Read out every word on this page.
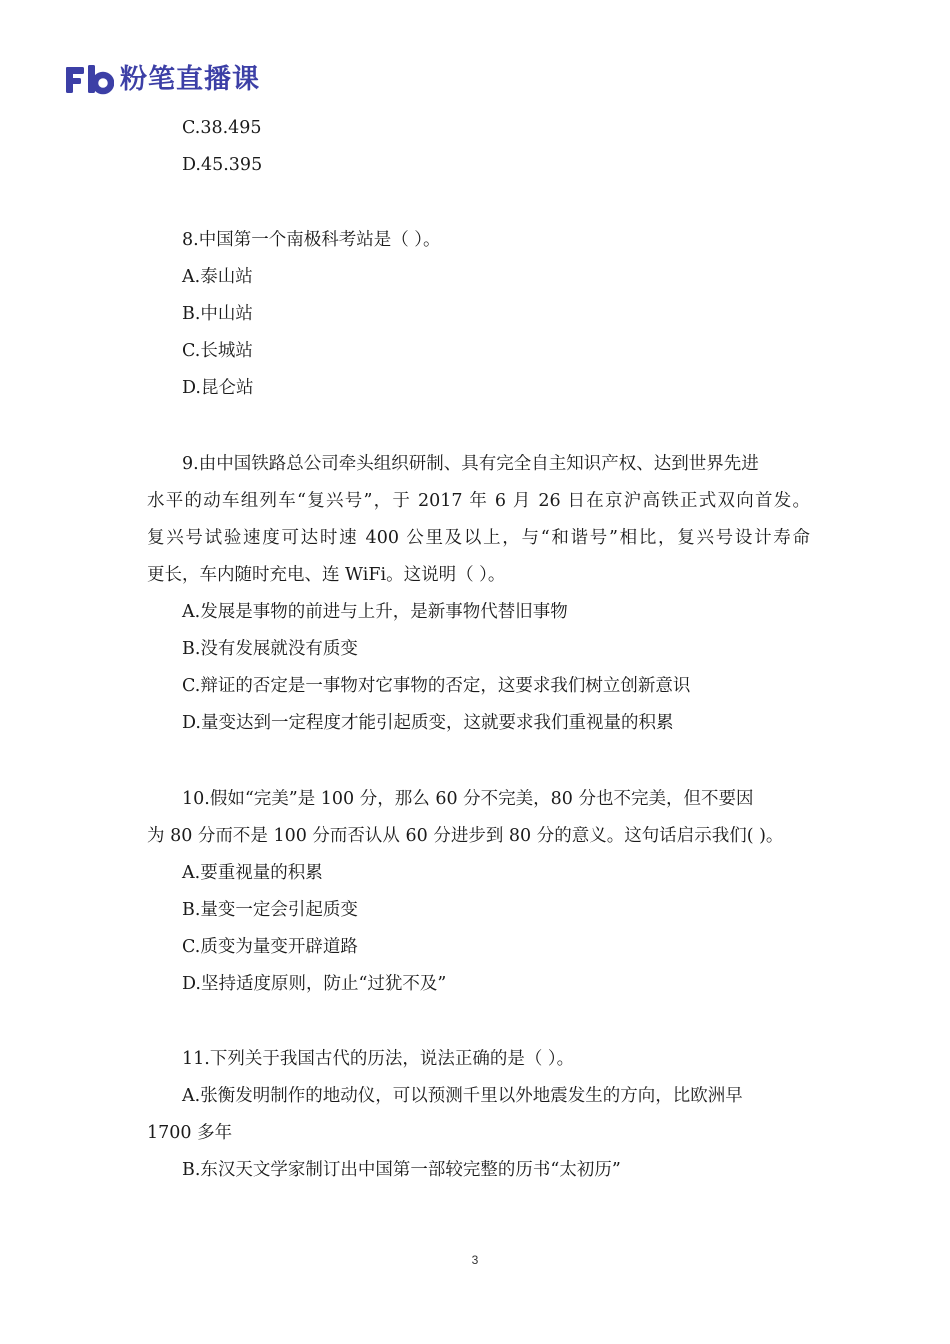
粉笔直播课
C.38.495
D.45.395
8.中国第一个南极科考站是（ ）。
A.泰山站
B.中山站
C.长城站
D.昆仑站
9.由中国铁路总公司牵头组织研制、具有完全自主知识产权、达到世界先进
水平的动车组列车“复兴号”，于 2017 年 6 月 26 日在京沪高铁正式双向首发。
复兴号试验速度可达时速 400 公里及以上，与“和谐号”相比，复兴号设计寿命
更长，车内随时充电、连 WiFi。这说明（ ）。
A.发展是事物的前进与上升，是新事物代替旧事物
B.没有发展就没有质变
C.辩证的否定是一事物对它事物的否定，这要求我们树立创新意识
D.量变达到一定程度才能引起质变，这就要求我们重视量的积累
10.假如“完美”是 100 分，那么 60 分不完美，80 分也不完美，但不要因
为 80 分而不是 100 分而否认从 60 分进步到 80 分的意义。这句话启示我们( )。
A.要重视量的积累
B.量变一定会引起质变
C.质变为量变开辟道路
D.坚持适度原则，防止“过犹不及”
11.下列关于我国古代的历法，说法正确的是（ ）。
A.张衡发明制作的地动仪，可以预测千里以外地震发生的方向，比欧洲早
1700 多年
B.东汉天文学家制订出中国第一部较完整的历书“太初历”
3
